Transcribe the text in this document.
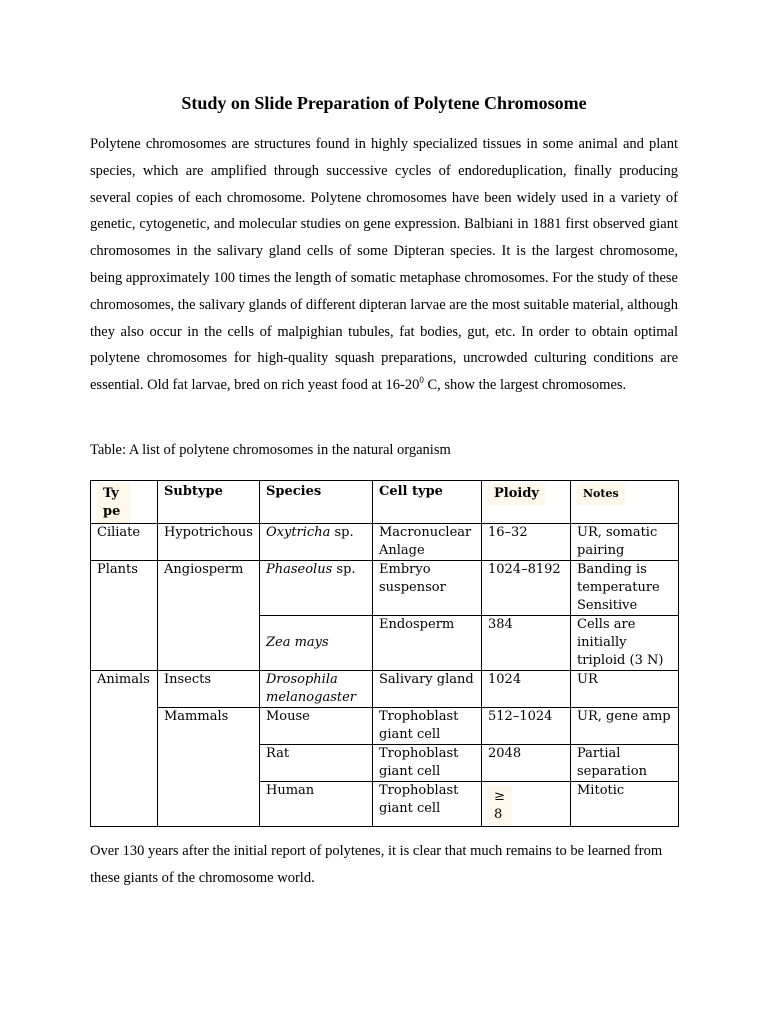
Study on Slide Preparation of Polytene Chromosome

Polytene chromosomes are structures found in highly specialized tissues in some animal and plant species, which are amplified through successive cycles of endoreduplication, finally producing several copies of each chromosome. Polytene chromosomes have been widely used in a variety of genetic, cytogenetic, and molecular studies on gene expression. Balbiani in 1881 first observed giant chromosomes in the salivary gland cells of some Dipteran species. It is the largest chromosome, being approximately 100 times the length of somatic metaphase chromosomes. For the study of these chromosomes, the salivary glands of different dipteran larvae are the most suitable material, although they also occur in the cells of malpighian tubules, fat bodies, gut, etc. In order to obtain optimal polytene chromosomes for high-quality squash preparations, uncrowded culturing conditions are essential. Old fat larvae, bred on rich yeast food at $16-20^0$ C, show the largest chromosomes.

Table: A list of polytene chromosomes in the natural organism

Type	Subtype	Species	Cell type	Ploidy	Notes
Ciliate	Hypotrichous	Oxytricha sp.	Macronuclear Anlage	16–32	UR, somatic pairing
Plants	Angiosperm	Phaseolus sp.	Embryo suspensor	1024–8192	Banding is temperature Sensitive
		Zea mays	Endosperm	384	Cells are initially triploid (3 N)
Animals	Insects	Drosophila melanogaster	Salivary gland	1024	UR
	Mammals	Mouse	Trophoblast giant cell	512–1024	UR, gene amp
		Rat	Trophoblast giant cell	2048	Partial separation
		Human	Trophoblast giant cell	≥ 8	Mitotic

Over 130 years after the initial report of polytenes, it is clear that much remains to be learned from these giants of the chromosome world.
